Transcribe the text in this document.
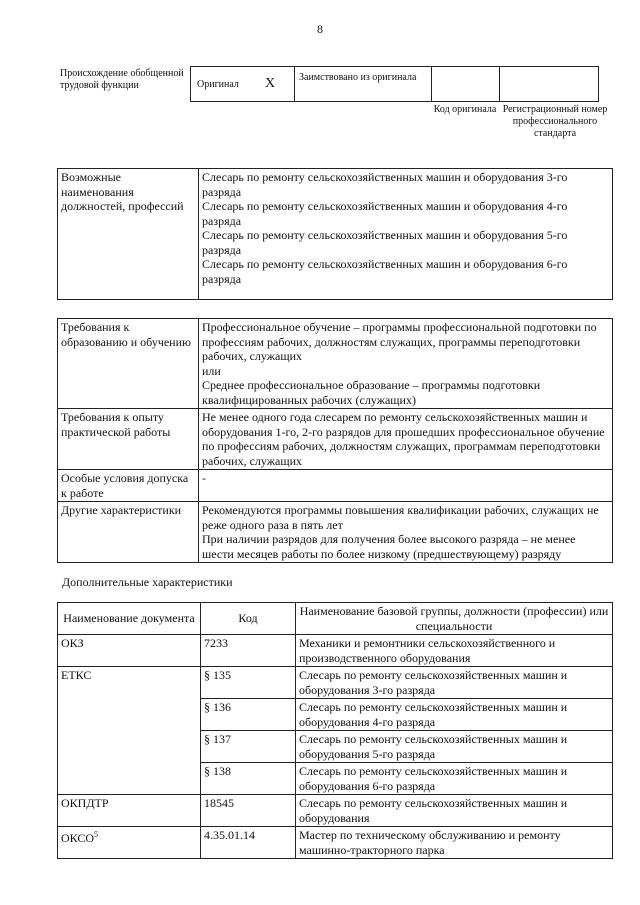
8
Происхождение обобщенной трудовой функции	Оригинал X Заимствовано из оригинала
Код оригинала Регистрационный номер профессионального стандарта
Возможные наименования должностей, профессий	
Слесарь по ремонту сельскохозяйственных машин и оборудования 3-го разряда
Слесарь по ремонту сельскохозяйственных машин и оборудования 4-го разряда
Слесарь по ремонту сельскохозяйственных машин и оборудования 5-го разряда
Слесарь по ремонту сельскохозяйственных машин и оборудования 6-го разряда
Требования к образованию и обучению	Профессиональное обучение – программы профессиональной подготовки по профессиям рабочих, должностям служащих, программы переподготовки рабочих, служащих
или
Среднее профессиональное образование – программы подготовки квалифицированных рабочих (служащих)

Требования к опыту практической работы	Не менее одного года слесарем по ремонту сельскохозяйственных машин и оборудования 1-го, 2-го разрядов для прошедших профессиональное обучение по профессиям рабочих, должностям служащих, программам переподготовки рабочих, служащих
Особые условия допуска к работе	-
Другие характеристики	Рекомендуются программы повышения квалификации рабочих, служащих не реже одного раза в пять лет
При наличии разрядов для получения более высокого разряда – не менее шести месяцев работы по более низкому (предшествующему) разряду
Дополнительные характеристики
Наименование документа	Код	Наименование базовой группы, должности (профессии) или специальности
ОКЗ	7233	Механики и ремонтники сельскохозяйственного и производственного оборудования
ЕТКС	§ 135	Слесарь по ремонту сельскохозяйственных машин и оборудования 3-го разряда
	§ 136	Слесарь по ремонту сельскохозяйственных машин и оборудования 4-го разряда
	§ 137	Слесарь по ремонту сельскохозяйственных машин и оборудования 5-го разряда
	§ 138	Слесарь по ремонту сельскохозяйственных машин и оборудования 6-го разряда
ОКПДТР	18545	Слесарь по ремонту сельскохозяйственных машин и оборудования
ОКСО$^5$	4.35.01.14	Мастер по техническому обслуживанию и ремонту машинно-тракторного парка
